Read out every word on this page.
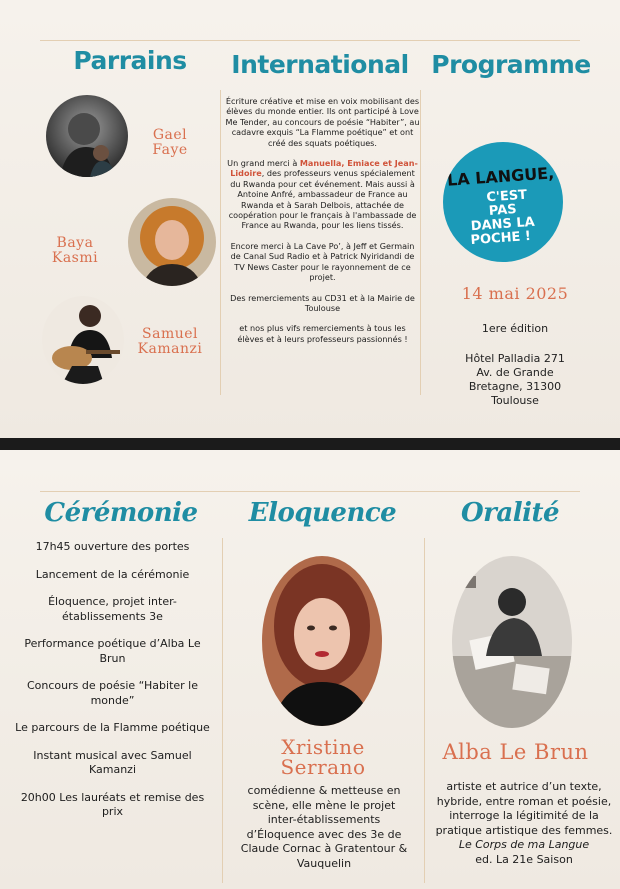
Parrains	International Programme
Gael
Faye
Baya
Kasmi
Samuel
Kamanzi

Écriture créative et mise en voix mobilisant des élèves du monde entier. Ils ont participé à Love Me Tender, au concours de poésie “Habiter”, au cadavre exquis “La Flamme poétique” et ont créé des squats poétiques.

Un grand merci à Manuella, Emiace et Jean-Lidoire, des professeurs venus spécialement du Rwanda pour cet événement. Mais aussi à Antoine Anfré, ambassadeur de France au Rwanda et à Sarah Delbois, attachée de coopération pour le français à l'ambassade de France au Rwanda, pour les liens tissés.

Encore merci à La Cave Po’, à Jeff et Germain de Canal Sud Radio et à Patrick Nyiridandi de TV News Caster pour le rayonnement de ce projet.

Des remerciements au CD31 et à la Mairie de Toulouse

et nos plus vifs remerciements à tous les élèves et à leurs professeurs passionnés !

LA LANGUE,
C'EST
PAS
DANS LA
POCHE !
14 mai 2025
1ere édition
Hôtel Palladia 271 Av. de Grande Bretagne, 31300 Toulouse
Cérémonie	Eloquence	Oralité
17h45 ouverture des portes
Lancement de la cérémonie
Éloquence, projet inter-établissements 3e
Performance poétique d’Alba Le Brun
Concours de poésie “Habiter le monde”
Le parcours de la Flamme poétique
Instant musical avec Samuel Kamanzi
20h00 Les lauréats et remise des prix
Xristine
Serrano
comédienne & metteuse en scène, elle mène le projet inter-établissements d’Éloquence avec des 3e de Claude Cornac à Gratentour & Vauquelin
Alba Le Brun
artiste et autrice d’un texte, hybride, entre roman et poésie, interroge la légitimité de la pratique artistique des femmes.
Le Corps de ma Langue
ed. La 21e Saison
